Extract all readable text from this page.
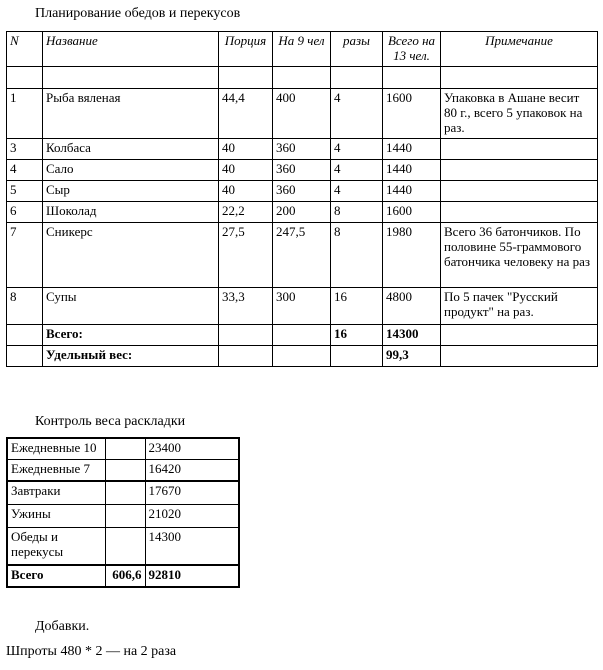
Планирование обедов и перекусов
N	Название	Порция	На 9 чел	разы	Всего на 13 чел.	Примечание

1	Рыба вяленая	44,4	400	4	1600	Упаковка в Ашане весит 80 г., всего 5 упаковок на раз.
3	Колбаса	40	360	4	1440	
4	Сало	40	360	4	1440	
5	Сыр	40	360	4	1440	
6	Шоколад	22,2	200	8	1600	
7	Сникерс	27,5	247,5	8	1980	Всего 36 батончиков. По половине 55-граммового батончика человеку на раз
8	Супы	33,3	300	16	4800	По 5 пачек "Русский продукт" на раз.
	Всего:			16	14300	
	Удельный вес:				99,3	
Контроль веса раскладки
Ежедневные 10		23400
Ежедневные 7		16420
Завтраки		17670
Ужины		21020
Обеды и перекусы		14300
Всего	606,6	92810
Добавки.
Шпроты 480 * 2 — на 2 раза
